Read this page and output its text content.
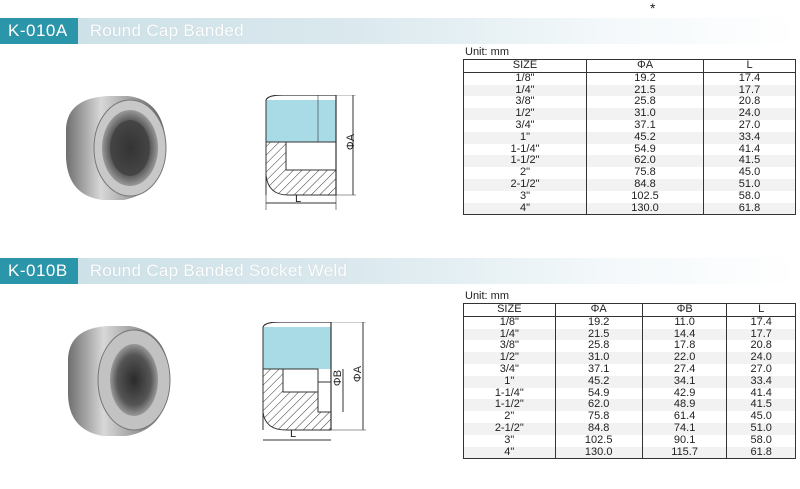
*
K-010A	Round Cap Banded
ΦA
L
Unit: mm
SIZE	ΦA	L
1/8"	19.2	17.4
1/4"	21.5	17.7
3/8"	25.8	20.8
1/2"	31.0	24.0
3/4"	37.1	27.0
1"	45.2	33.4
1-1/4"	54.9	41.4
1-1/2"	62.0	41.5
2"	75.8	45.0
2-1/2"	84.8	51.0
3"	102.5	58.0
4"	130.0	61.8
K-010B	Round Cap Banded Socket Weld
ΦB ΦA
L
Unit: mm
SIZE	ΦA	ΦB	L
1/8"	19.2	11.0	17.4
1/4"	21.5	14.4	17.7
3/8"	25.8	17.8	20.8
1/2"	31.0	22.0	24.0
3/4"	37.1	27.4	27.0
1"	45.2	34.1	33.4
1-1/4"	54.9	42.9	41.4
1-1/2"	62.0	48.9	41.5
2"	75.8	61.4	45.0
2-1/2"	84.8	74.1	51.0
3"	102.5	90.1	58.0
4"	130.0	115.7	61.8
